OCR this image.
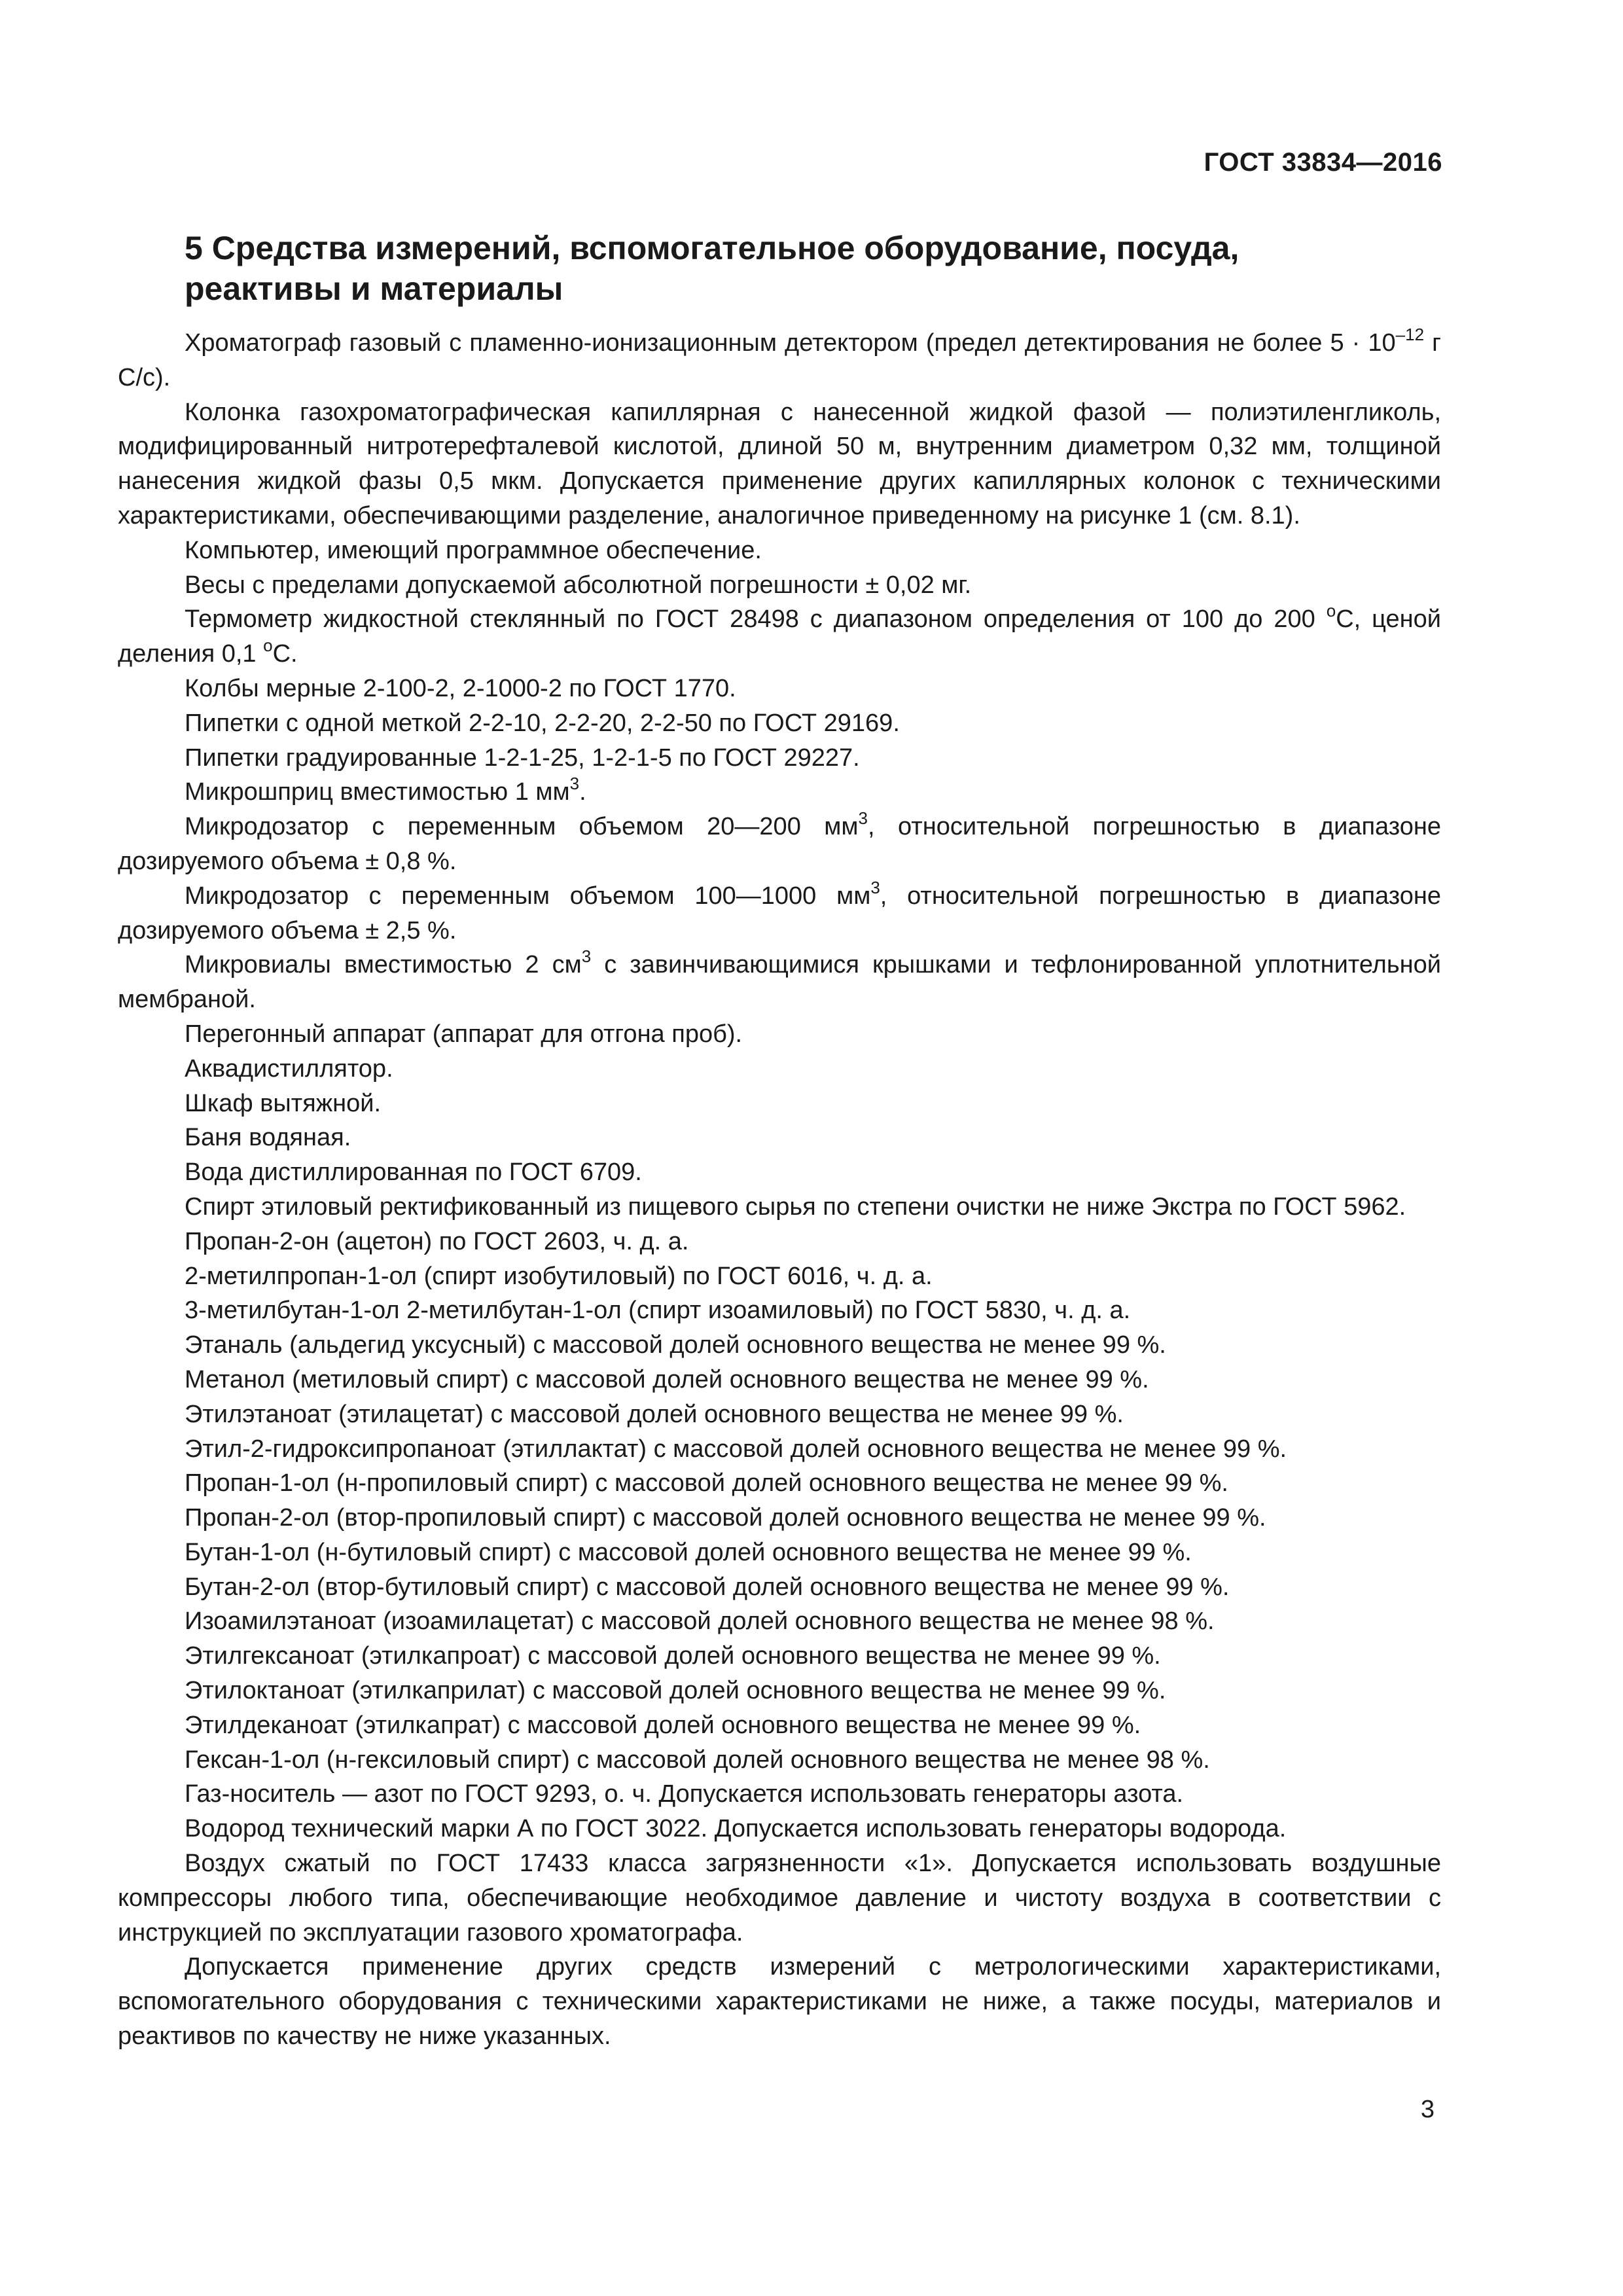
ГОСТ 33834—2016
5 Средства измерений, вспомогательное оборудование, посуда,
реактивы и материалы

Хроматограф газовый с пламенно-ионизационным детектором (предел детектирования не более $5 \cdot 10^{-12}$ г С/с).

Колонка газохроматографическая капиллярная с нанесенной жидкой фазой — полиэтиленгликоль, модифицированный нитротерефталевой кислотой, длиной 50 м, внутренним диаметром 0,32 мм, толщиной нанесения жидкой фазы 0,5 мкм. Допускается применение других капиллярных колонок с техническими характеристиками, обеспечивающими разделение, аналогичное приведенному на рисунке 1 (см. 8.1).

Компьютер, имеющий программное обеспечение.

Весы с пределами допускаемой абсолютной погрешности ± 0,02 мг.

Термометр жидкостной стеклянный по ГОСТ 28498 с диапазоном определения от 100 до 200 $^о$С, ценой деления 0,1 $^о$С.

Колбы мерные 2-100-2, 2-1000-2 по ГОСТ 1770.

Пипетки с одной меткой 2-2-10, 2-2-20, 2-2-50 по ГОСТ 29169.

Пипетки градуированные 1-2-1-25, 1-2-1-5 по ГОСТ 29227.

Микрошприц вместимостью 1 $мм^3$.

Микродозатор с переменным объемом 20—200 $мм^3$, относительной погрешностью в диапазоне дозируемого объема ± 0,8 %.

Микродозатор с переменным объемом 100—1000 $мм^3$, относительной погрешностью в диапазоне дозируемого объема ± 2,5 %.

Микровиалы вместимостью 2 $см^3$ с завинчивающимися крышками и тефлонированной уплотнительной мембраной.

Перегонный аппарат (аппарат для отгона проб).

Аквадистиллятор.

Шкаф вытяжной.

Баня водяная.

Вода дистиллированная по ГОСТ 6709.

Спирт этиловый ректификованный из пищевого сырья по степени очистки не ниже Экстра по ГОСТ 5962.

Пропан-2-он (ацетон) по ГОСТ 2603, ч. д. а.

2-метилпропан-1-ол (спирт изобутиловый) по ГОСТ 6016, ч. д. а.

3-метилбутан-1-ол 2-метилбутан-1-ол (спирт изоамиловый) по ГОСТ 5830, ч. д. а.

Этаналь (альдегид уксусный) с массовой долей основного вещества не менее 99 %.

Метанол (метиловый спирт) с массовой долей основного вещества не менее 99 %.

Этилэтаноат (этилацетат) с массовой долей основного вещества не менее 99 %.

Этил-2-гидроксипропаноат (этиллактат) с массовой долей основного вещества не менее 99 %.

Пропан-1-ол (н-пропиловый спирт) с массовой долей основного вещества не менее 99 %.

Пропан-2-ол (втор-пропиловый спирт) с массовой долей основного вещества не менее 99 %.

Бутан-1-ол (н-бутиловый спирт) с массовой долей основного вещества не менее 99 %.

Бутан-2-ол (втор-бутиловый спирт) с массовой долей основного вещества не менее 99 %.

Изоамилэтаноат (изоамилацетат) с массовой долей основного вещества не менее 98 %.

Этилгексаноат (этилкапроат) с массовой долей основного вещества не менее 99 %.

Этилоктаноат (этилкаприлат) с массовой долей основного вещества не менее 99 %.

Этилдеканоат (этилкапрат) с массовой долей основного вещества не менее 99 %.

Гексан-1-ол (н-гексиловый спирт) с массовой долей основного вещества не менее 98 %.

Газ-носитель — азот по ГОСТ 9293, о. ч. Допускается использовать генераторы азота.

Водород технический марки А по ГОСТ 3022. Допускается использовать генераторы водорода.

Воздух сжатый по ГОСТ 17433 класса загрязненности «1». Допускается использовать воздушные компрессоры любого типа, обеспечивающие необходимое давление и чистоту воздуха в соответствии с инструкцией по эксплуатации газового хроматографа.

Допускается применение других средств измерений с метрологическими характеристиками, вспомогательного оборудования с техническими характеристиками не ниже, а также посуды, материалов и реактивов по качеству не ниже указанных.

3
